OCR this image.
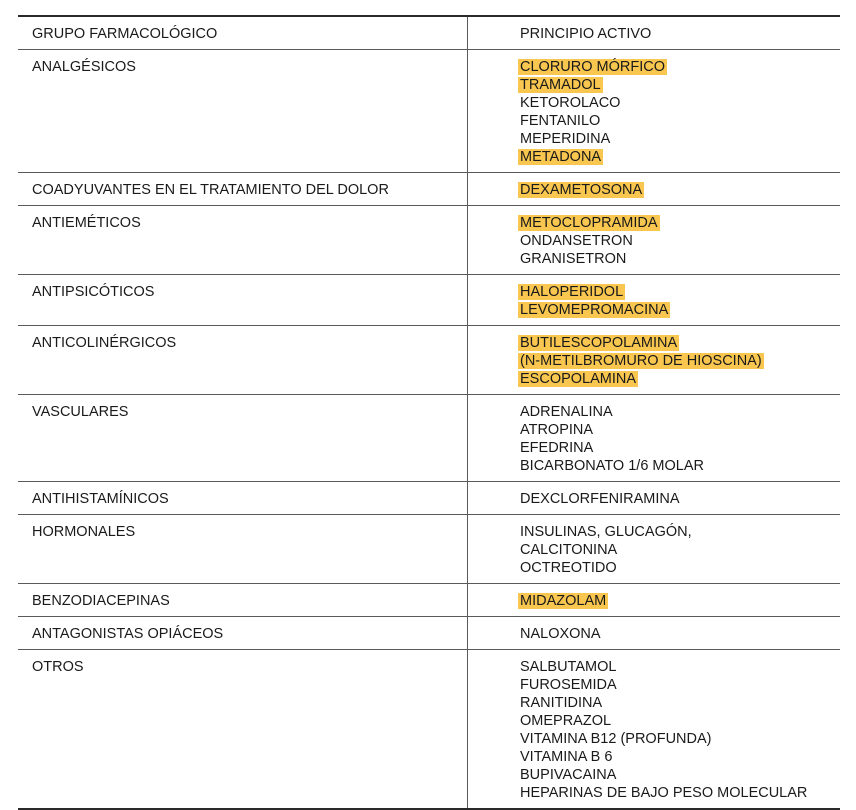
GRUPO FARMACOLÓGICO	PRINCIPIO ACTIVO
ANALGÉSICOS	CLORURO MÓRFICO
TRAMADOL
KETOROLACO
FENTANILO
MEPERIDINA
METADONA
COADYUVANTES EN EL TRATAMIENTO DEL DOLOR	DEXAMETOSONA
ANTIEMÉTICOS	METOCLOPRAMIDA
ONDANSETRON
GRANISETRON
ANTIPSICÓTICOS	HALOPERIDOL
LEVOMEPROMACINA
ANTICOLINÉRGICOS	BUTILESCOPOLAMINA
(N-METILBROMURO DE HIOSCINA)
ESCOPOLAMINA
VASCULARES	ADRENALINA
ATROPINA
EFEDRINA
BICARBONATO 1/6 MOLAR
ANTIHISTAMÍNICOS	DEXCLORFENIRAMINA
HORMONALES	INSULINAS, GLUCAGÓN,
CALCITONINA
OCTREOTIDO
BENZODIACEPINAS	MIDAZOLAM
ANTAGONISTAS OPIÁCEOS	NALOXONA
OTROS	SALBUTAMOL
FUROSEMIDA
RANITIDINA
OMEPRAZOL
VITAMINA B12 (PROFUNDA)
VITAMINA B 6
BUPIVACAINA
HEPARINAS DE BAJO PESO MOLECULAR
